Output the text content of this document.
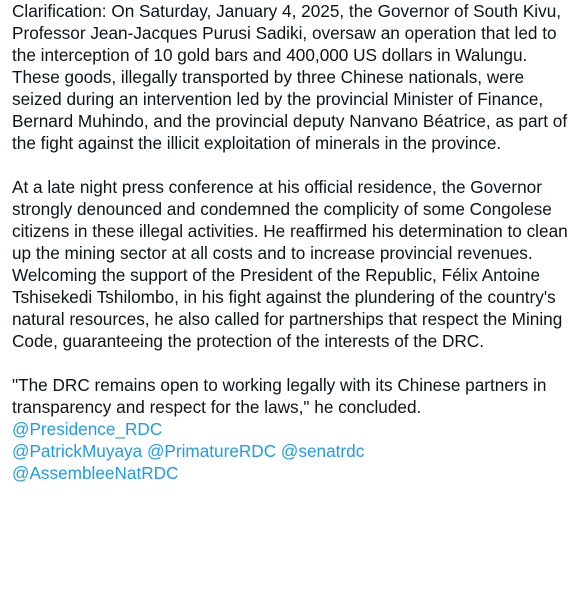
Clarification: On Saturday, January 4, 2025, the Governor of South Kivu, Professor Jean-Jacques Purusi Sadiki, oversaw an operation that led to the interception of 10 gold bars and 400,000 US dollars in Walungu. These goods, illegally transported by three Chinese nationals, were seized during an intervention led by the provincial Minister of Finance, Bernard Muhindo, and the provincial deputy Nanvano Béatrice, as part of the fight against the illicit exploitation of minerals in the province.

At a late night press conference at his official residence, the Governor strongly denounced and condemned the complicity of some Congolese citizens in these illegal activities. He reaffirmed his determination to clean up the mining sector at all costs and to increase provincial revenues. Welcoming the support of the President of the Republic, Félix Antoine Tshisekedi Tshilombo, in his fight against the plundering of the country's natural resources, he also called for partnerships that respect the Mining Code, guaranteeing the protection of the interests of the DRC.

"The DRC remains open to working legally with its Chinese partners in transparency and respect for the laws," he concluded.

@Presidence_RDC
@PatrickMuyaya @PrimatureRDC @senatrdc
@AssembleeNatRDC
